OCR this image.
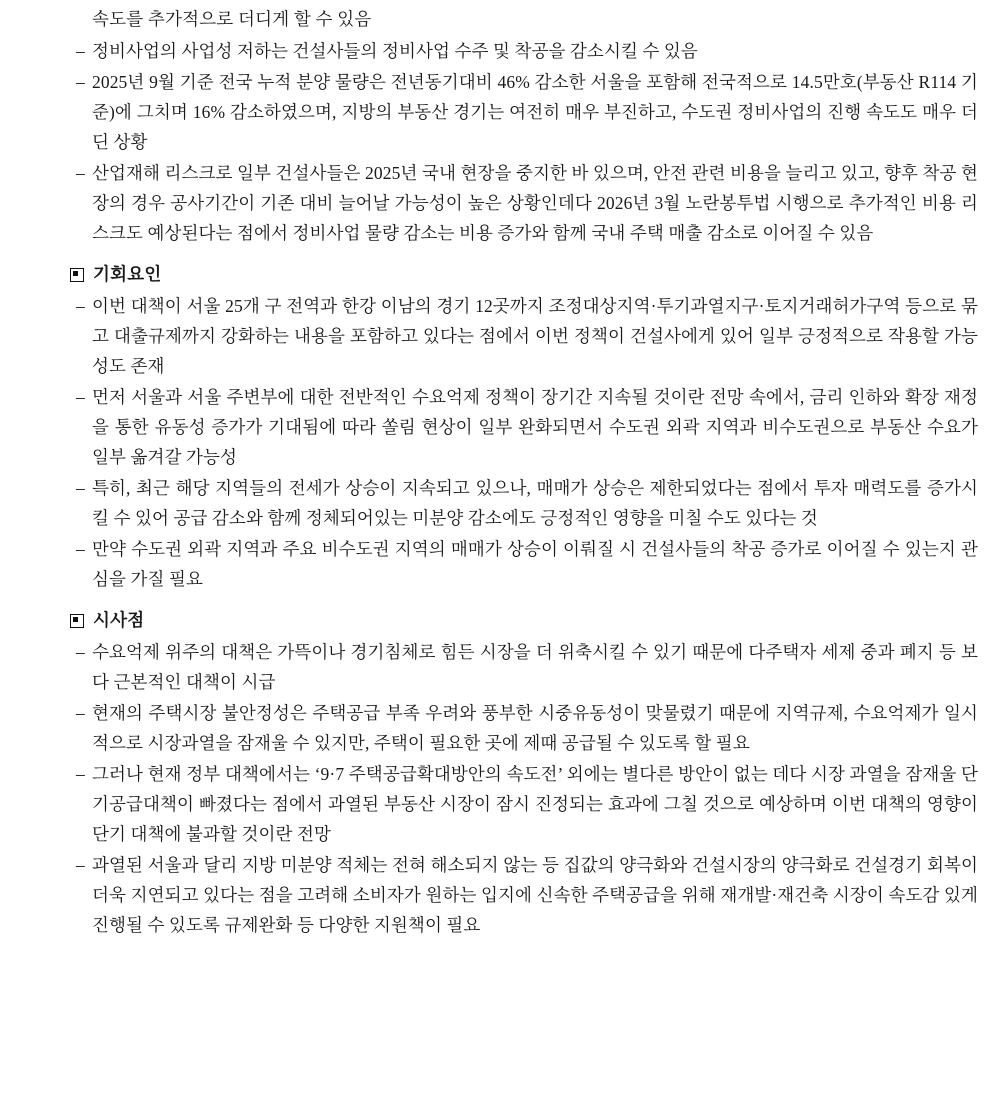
속도를 추가적으로 더디게 할 수 있음

– 정비사업의 사업성 저하는 건설사들의 정비사업 수주 및 착공을 감소시킬 수 있음
– 2025년 9월 기준 전국 누적 분양 물량은 전년동기대비 46% 감소한 서울을 포함해 전국적으로 14.5만호(부동산 R114 기준)에 그치며 16% 감소하였으며, 지방의 부동산 경기는 여전히 매우 부진하고, 수도권 정비사업의 진행 속도도 매우 더딘 상황
– 산업재해 리스크로 일부 건설사들은 2025년 국내 현장을 중지한 바 있으며, 안전 관련 비용을 늘리고 있고, 향후 착공 현장의 경우 공사기간이 기존 대비 늘어날 가능성이 높은 상황인데다 2026년 3월 노란봉투법 시행으로 추가적인 비용 리스크도 예상된다는 점에서 정비사업 물량 감소는 비용 증가와 함께 국내 주택 매출 감소로 이어질 수 있음
기회요인
– 이번 대책이 서울 25개 구 전역과 한강 이남의 경기 12곳까지 조정대상지역·투기과열지구·토지거래허가구역 등으로 묶고 대출규제까지 강화하는 내용을 포함하고 있다는 점에서 이번 정책이 건설사에게 있어 일부 긍정적으로 작용할 가능성도 존재
– 먼저 서울과 서울 주변부에 대한 전반적인 수요억제 정책이 장기간 지속될 것이란 전망 속에서, 금리 인하와 확장 재정을 통한 유동성 증가가 기대됨에 따라 쏠림 현상이 일부 완화되면서 수도권 외곽 지역과 비수도권으로 부동산 수요가 일부 옮겨갈 가능성
– 특히, 최근 해당 지역들의 전세가 상승이 지속되고 있으나, 매매가 상승은 제한되었다는 점에서 투자 매력도를 증가시킬 수 있어 공급 감소와 함께 정체되어있는 미분양 감소에도 긍정적인 영향을 미칠 수도 있다는 것
– 만약 수도권 외곽 지역과 주요 비수도권 지역의 매매가 상승이 이뤄질 시 건설사들의 착공 증가로 이어질 수 있는지 관심을 가질 필요
시사점
– 수요억제 위주의 대책은 가뜩이나 경기침체로 힘든 시장을 더 위축시킬 수 있기 때문에 다주택자 세제 중과 폐지 등 보다 근본적인 대책이 시급
– 현재의 주택시장 불안정성은 주택공급 부족 우려와 풍부한 시중유동성이 맞물렸기 때문에 지역규제, 수요억제가 일시적으로 시장과열을 잠재울 수 있지만, 주택이 필요한 곳에 제때 공급될 수 있도록 할 필요
– 그러나 현재 정부 대책에서는 ‘9·7 주택공급확대방안의 속도전’ 외에는 별다른 방안이 없는 데다 시장 과열을 잠재울 단기공급대책이 빠졌다는 점에서 과열된 부동산 시장이 잠시 진정되는 효과에 그칠 것으로 예상하며 이번 대책의 영향이 단기 대책에 불과할 것이란 전망
– 과열된 서울과 달리 지방 미분양 적체는 전혀 해소되지 않는 등 집값의 양극화와 건설시장의 양극화로 건설경기 회복이 더욱 지연되고 있다는 점을 고려해 소비자가 원하는 입지에 신속한 주택공급을 위해 재개발·재건축 시장이 속도감 있게 진행될 수 있도록 규제완화 등 다양한 지원책이 필요
